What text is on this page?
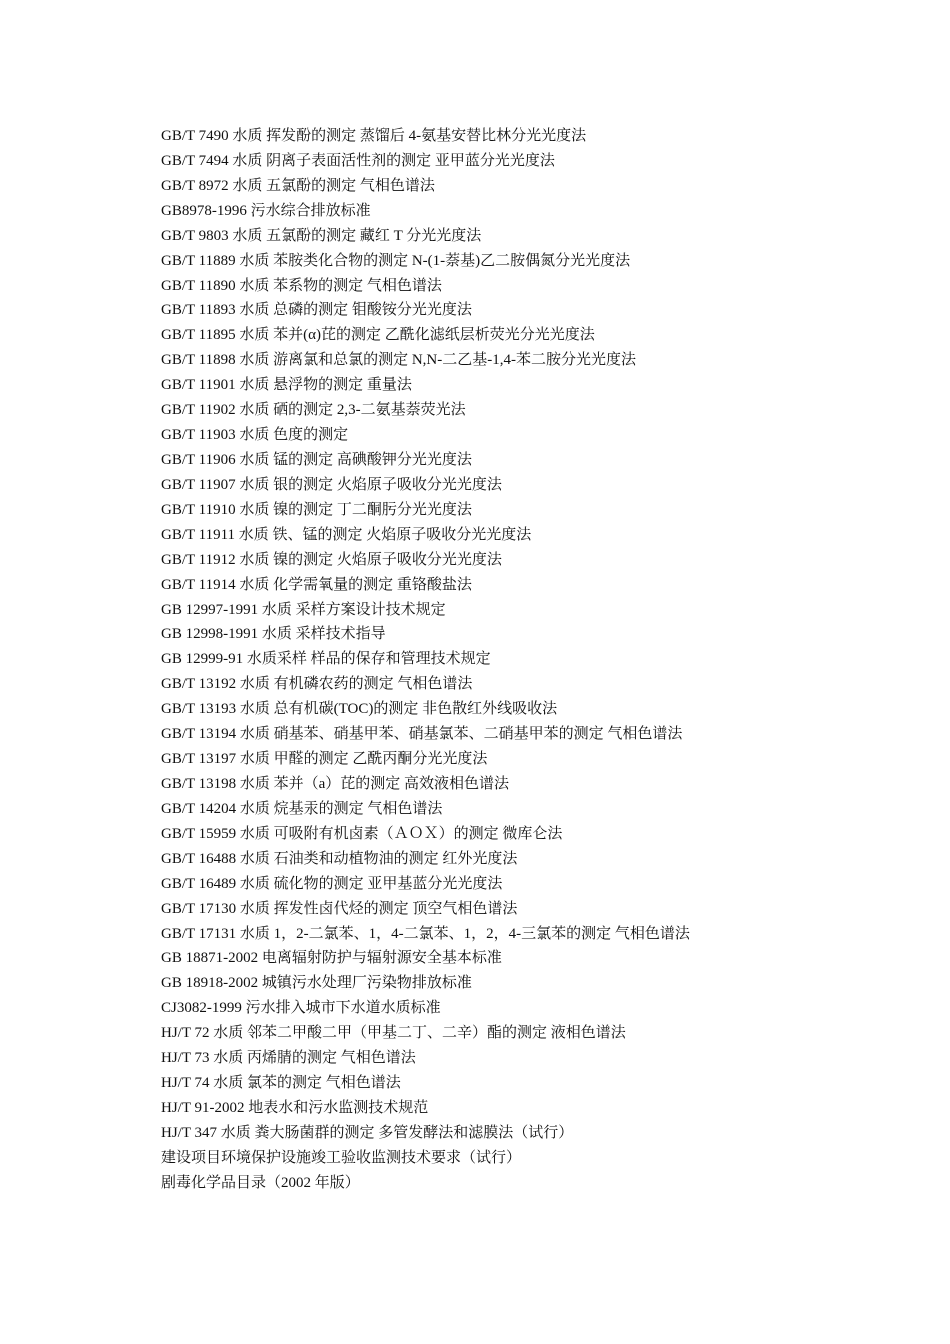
GB/T 7490 水质 挥发酚的测定 蒸馏后 4-氨基安替比林分光光度法
GB/T 7494 水质 阴离子表面活性剂的测定 亚甲蓝分光光度法
GB/T 8972 水质 五氯酚的测定 气相色谱法
GB8978-1996 污水综合排放标准
GB/T 9803 水质 五氯酚的测定 藏红 T 分光光度法
GB/T 11889 水质 苯胺类化合物的测定 N-(1-萘基)乙二胺偶氮分光光度法
GB/T 11890 水质 苯系物的测定 气相色谱法
GB/T 11893 水质 总磷的测定 钼酸铵分光光度法
GB/T 11895 水质 苯并(α)芘的测定 乙酰化滤纸层析荧光分光光度法
GB/T 11898 水质 游离氯和总氯的测定 N,N-二乙基-1,4-苯二胺分光光度法
GB/T 11901 水质 悬浮物的测定 重量法
GB/T 11902 水质 硒的测定 2,3-二氨基萘荧光法
GB/T 11903 水质 色度的测定
GB/T 11906 水质 锰的测定 高碘酸钾分光光度法
GB/T 11907 水质 银的测定 火焰原子吸收分光光度法
GB/T 11910 水质 镍的测定 丁二酮肟分光光度法
GB/T 11911 水质 铁、锰的测定 火焰原子吸收分光光度法
GB/T 11912 水质 镍的测定 火焰原子吸收分光光度法
GB/T 11914 水质 化学需氧量的测定 重铬酸盐法
GB 12997-1991 水质 采样方案设计技术规定
GB 12998-1991 水质 采样技术指导
GB 12999-91 水质采样 样品的保存和管理技术规定
GB/T 13192 水质 有机磷农药的测定 气相色谱法
GB/T 13193 水质 总有机碳(TOC)的测定 非色散红外线吸收法
GB/T 13194 水质 硝基苯、硝基甲苯、硝基氯苯、二硝基甲苯的测定 气相色谱法
GB/T 13197 水质 甲醛的测定 乙酰丙酮分光光度法
GB/T 13198 水质 苯并（a）芘的测定 高效液相色谱法
GB/T 14204 水质 烷基汞的测定 气相色谱法
GB/T 15959 水质 可吸附有机卤素（ＡＯＸ）的测定 微库仑法
GB/T 16488 水质 石油类和动植物油的测定 红外光度法
GB/T 16489 水质 硫化物的测定 亚甲基蓝分光光度法
GB/T 17130 水质 挥发性卤代烃的测定 顶空气相色谱法
GB/T 17131 水质 1，2-二氯苯、1，4-二氯苯、1，2，4-三氯苯的测定 气相色谱法
GB 18871-2002 电离辐射防护与辐射源安全基本标准
GB 18918-2002 城镇污水处理厂污染物排放标准
CJ3082-1999 污水排入城市下水道水质标准
HJ/T 72 水质 邻苯二甲酸二甲（甲基二丁、二辛）酯的测定 液相色谱法
HJ/T 73 水质 丙烯腈的测定 气相色谱法
HJ/T 74 水质 氯苯的测定 气相色谱法
HJ/T 91-2002 地表水和污水监测技术规范
HJ/T 347 水质 粪大肠菌群的测定 多管发酵法和滤膜法（试行）
建设项目环境保护设施竣工验收监测技术要求（试行）
剧毒化学品目录（2002 年版）
